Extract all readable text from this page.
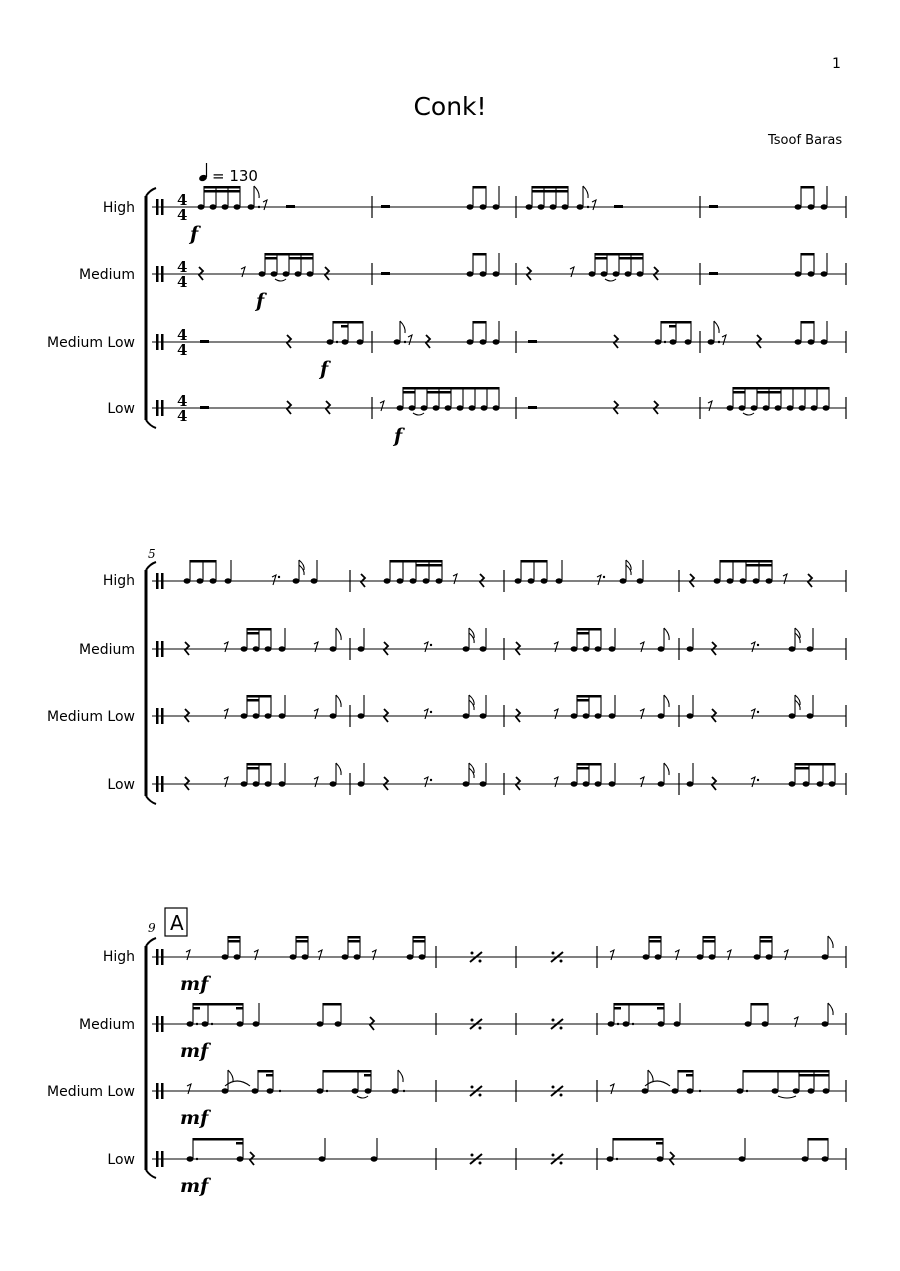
1
Conk!
Tsoof Baras
= 130
High
Medium
Medium Low
Low
4
4
4
4
4
4
4
4
f
f
f
f
5
High
Medium
Medium Low
Low
9 A
High
Medium
Medium Low
Low
mf
mf
mf
mf
